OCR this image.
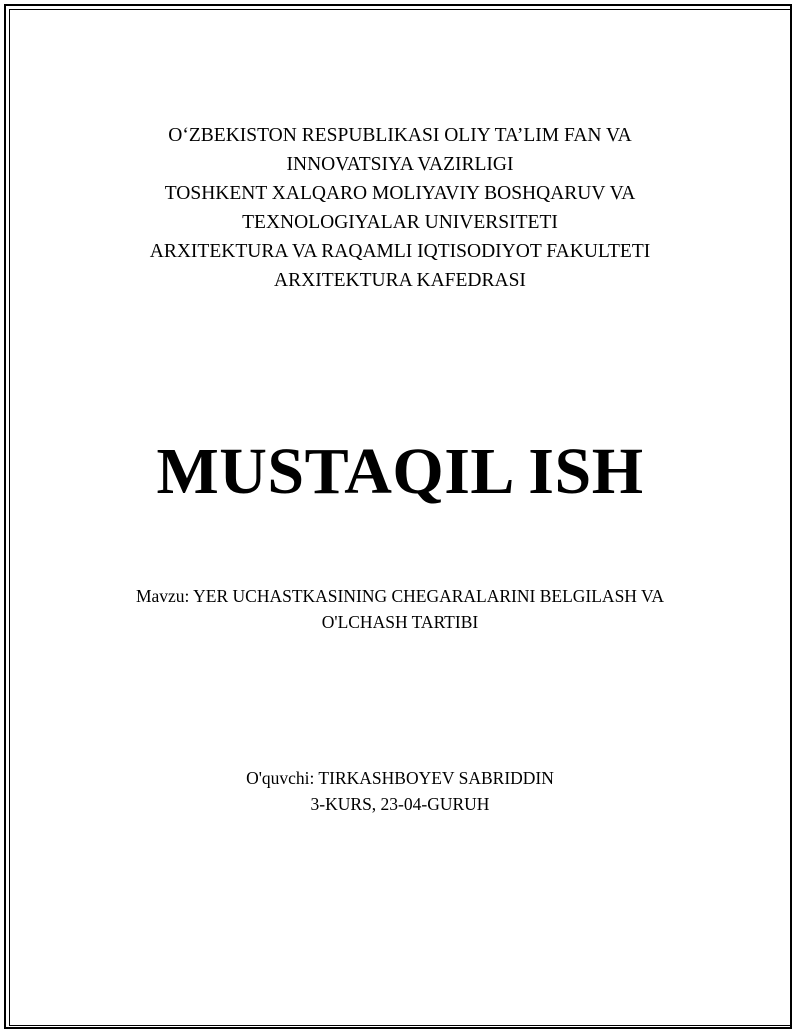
O‘ZBEKISTON RESPUBLIKASI OLIY TA’LIM FAN VA
INNOVATSIYA VAZIRLIGI
TOSHKENT XALQARO MOLIYAVIY BOSHQARUV VA
TEXNOLOGIYALAR UNIVERSITETI
ARXITEKTURA VA RAQAMLI IQTISODIYOT FAKULTETI
ARXITEKTURA KAFEDRASI
MUSTAQIL ISH
Mavzu: YER UCHASTKASINING CHEGARALARINI BELGILASH VA
O'LCHASH TARTIBI
O'quvchi: TIRKASHBOYEV SABRIDDIN
3-KURS, 23-04-GURUH
